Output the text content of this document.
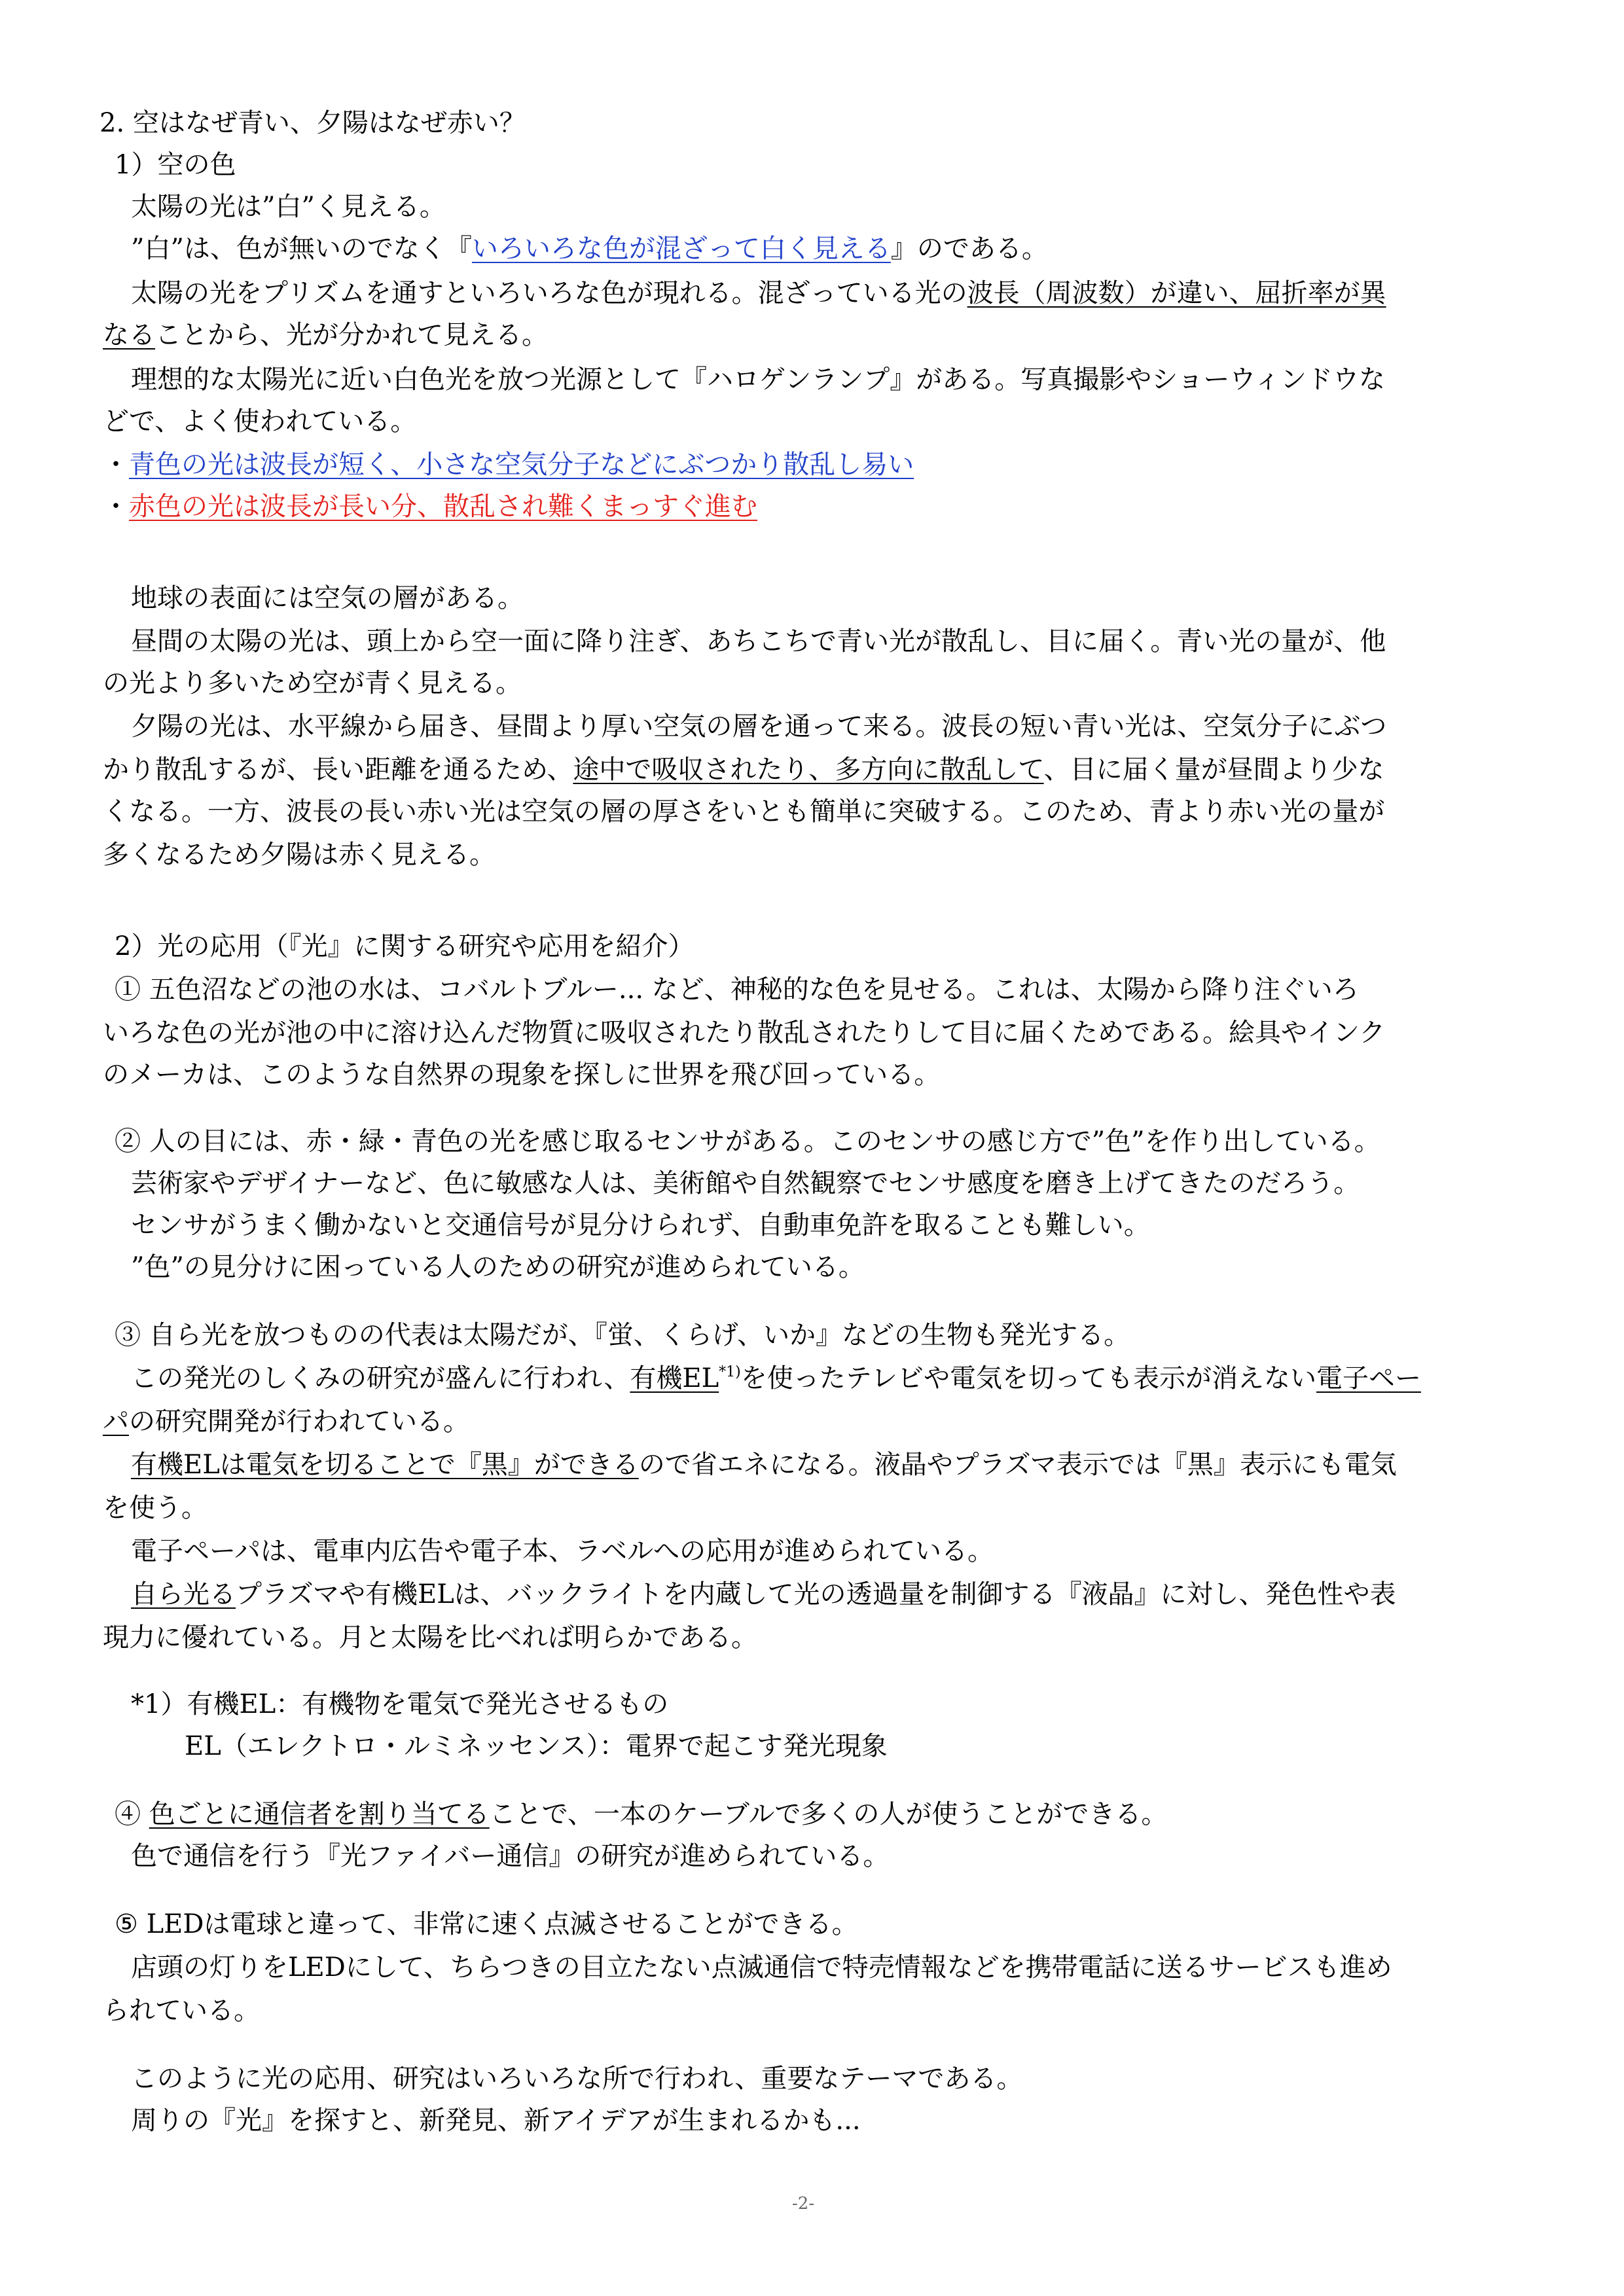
2. 空はなぜ青い、夕陽はなぜ赤い？
1）空の色
太陽の光は”白”く見える。
”白”は、色が無いのでなく『いろいろな色が混ざって白く見える』のである。
太陽の光をプリズムを通すといろいろな色が現れる。混ざっている光の波長（周波数）が違い、屈折率が異
なることから、光が分かれて見える。
理想的な太陽光に近い白色光を放つ光源として『ハロゲンランプ』がある。写真撮影やショーウィンドウな
どで、よく使われている。
・青色の光は波長が短く、小さな空気分子などにぶつかり散乱し易い
・赤色の光は波長が長い分、散乱され難くまっすぐ進む
地球の表面には空気の層がある。
昼間の太陽の光は、頭上から空一面に降り注ぎ、あちこちで青い光が散乱し、目に届く。青い光の量が、他
の光より多いため空が青く見える。
夕陽の光は、水平線から届き、昼間より厚い空気の層を通って来る。波長の短い青い光は、空気分子にぶつ
かり散乱するが、長い距離を通るため、途中で吸収されたり、多方向に散乱して、目に届く量が昼間より少な
くなる。一方、波長の長い赤い光は空気の層の厚さをいとも簡単に突破する。このため、青より赤い光の量が
多くなるため夕陽は赤く見える。
2）光の応用（『光』に関する研究や応用を紹介）
① 五色沼などの池の水は、コバルトブルー... など、神秘的な色を見せる。これは、太陽から降り注ぐいろ
いろな色の光が池の中に溶け込んだ物質に吸収されたり散乱されたりして目に届くためである。絵具やインク
のメーカは、このような自然界の現象を探しに世界を飛び回っている。
② 人の目には、赤・緑・青色の光を感じ取るセンサがある。このセンサの感じ方で”色”を作り出している。
芸術家やデザイナーなど、色に敏感な人は、美術館や自然観察でセンサ感度を磨き上げてきたのだろう。
センサがうまく働かないと交通信号が見分けられず、自動車免許を取ることも難しい。
”色”の見分けに困っている人のための研究が進められている。
③ 自ら光を放つものの代表は太陽だが、『蛍、くらげ、いか』などの生物も発光する。
この発光のしくみの研究が盛んに行われ、有機EL$^{*1)}$を使ったテレビや電気を切っても表示が消えない電子ペー
パの研究開発が行われている。
有機ELは電気を切ることで『黒』ができるので省エネになる。液晶やプラズマ表示では『黒』表示にも電気
を使う。
電子ペーパは、電車内広告や電子本、ラベルへの応用が進められている。
自ら光るプラズマや有機ELは、バックライトを内蔵して光の透過量を制御する『液晶』に対し、発色性や表
現力に優れている。月と太陽を比べれば明らかである。
*1）有機EL：有機物を電気で発光させるもの
EL（エレクトロ・ルミネッセンス）：電界で起こす発光現象
④ 色ごとに通信者を割り当てることで、一本のケーブルで多くの人が使うことができる。
色で通信を行う『光ファイバー通信』の研究が進められている。
⑤ LEDは電球と違って、非常に速く点滅させることができる。
店頭の灯りをLEDにして、ちらつきの目立たない点滅通信で特売情報などを携帯電話に送るサービスも進め
られている。
このように光の応用、研究はいろいろな所で行われ、重要なテーマである。
周りの『光』を探すと、新発見、新アイデアが生まれるかも...
-2-
